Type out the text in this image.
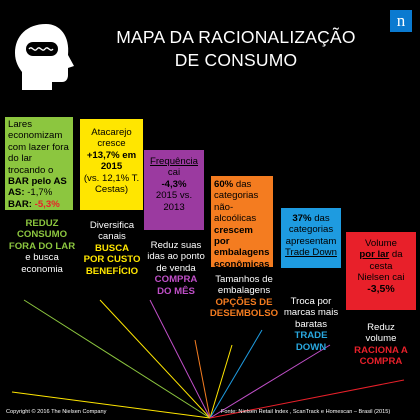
MAPA DA RACIONALIZAÇÃO
DE CONSUMO
n
Lares
economizam
com lazer fora
do lar
trocando o
BAR pelo AS
AS: -1,7%
BAR: -5,3%
Atacarejo
cresce
+13,7% em
2015
(vs. 12,1% T.
Cestas)
Frequência
cai
-4,3%
2015 vs.
2013
60% das
categorias
não-
alcoólicas
crescem por
embalagens
econômicas
37% das
categorias
apresentam
Trade Down
Volume
por lar da
cesta
Nielsen cai
-3,5%
REDUZ
CONSUMO
FORA DO LAR
e busca
economia
Diversifica
canais
BUSCA
POR CUSTO
BENEFÍCIO
Reduz suas
idas ao ponto
de venda
COMPRA
DO MÊS
Tamanhos de
embalagens
OPÇÕES DE
DESEMBOLSO
Troca por
marcas mais
baratas
TRADE
DOWN
Reduz
volume
RACIONA A
COMPRA
Copyright © 2016 The Nielsen Company	Fonte: Nielsen Retail Index , ScanTrack e Homescan – Brasil (2015)
